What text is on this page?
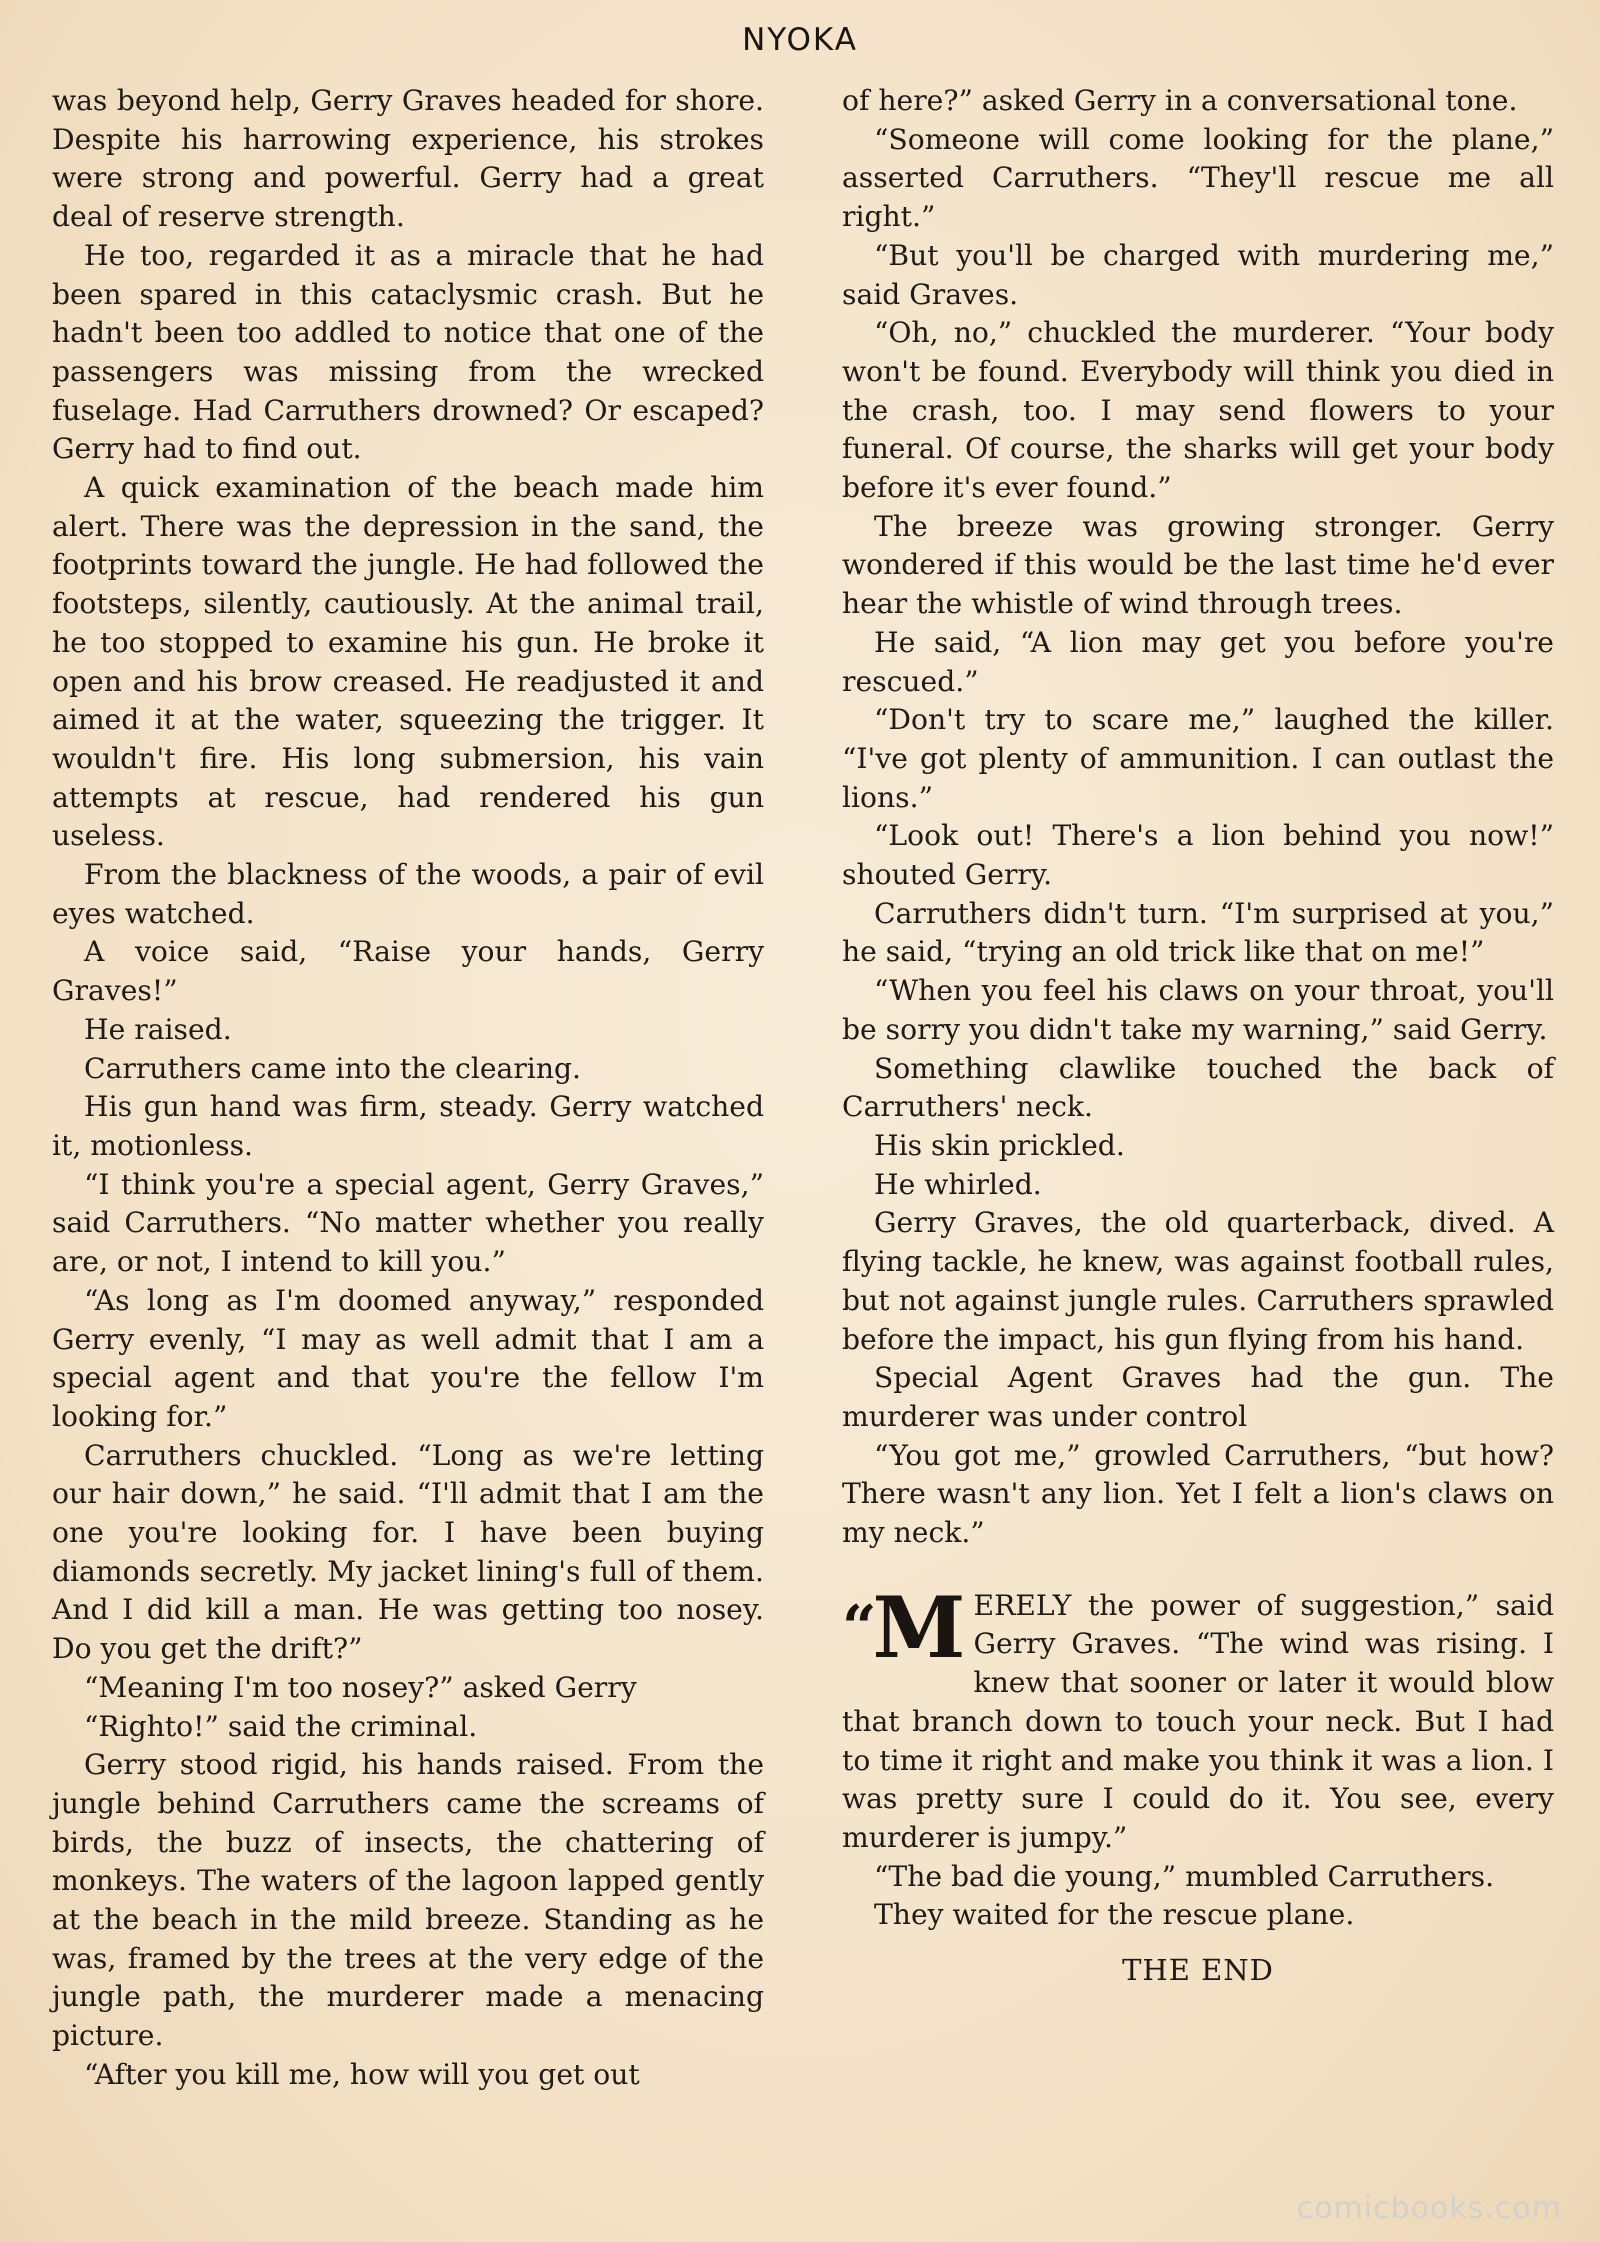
NYOKA

was beyond help, Gerry Graves headed for shore. Despite his harrowing experience, his strokes were strong and powerful. Gerry had a great deal of reserve strength.

He too, regarded it as a miracle that he had been spared in this cataclysmic crash. But he hadn't been too addled to notice that one of the passengers was missing from the wrecked fuselage. Had Carruthers drowned? Or escaped? Gerry had to find out.

A quick examination of the beach made him alert. There was the depression in the sand, the footprints toward the jungle. He had followed the footsteps, silently, cautiously. At the animal trail, he too stopped to examine his gun. He broke it open and his brow creased. He readjusted it and aimed it at the water, squeezing the trigger. It wouldn't fire. His long submersion, his vain attempts at rescue, had rendered his gun useless.

From the blackness of the woods, a pair of evil eyes watched.

A voice said, “Raise your hands, Gerry Graves!”

He raised.

Carruthers came into the clearing.

His gun hand was firm, steady. Gerry watched it, motionless.

“I think you're a special agent, Gerry Graves,” said Carruthers. “No matter whether you really are, or not, I intend to kill you.”

“As long as I'm doomed anyway,” responded Gerry evenly, “I may as well admit that I am a special agent and that you're the fellow I'm looking for.”

Carruthers chuckled. “Long as we're letting our hair down,” he said. “I'll admit that I am the one you're looking for. I have been buying diamonds secretly. My jacket lining's full of them. And I did kill a man. He was getting too nosey. Do you get the drift?”

“Meaning I'm too nosey?” asked Gerry

“Righto!” said the criminal.

Gerry stood rigid, his hands raised. From the jungle behind Carruthers came the screams of birds, the buzz of insects, the chattering of monkeys. The waters of the lagoon lapped gently at the beach in the mild breeze. Standing as he was, framed by the trees at the very edge of the jungle path, the murderer made a menacing picture.

“After you kill me, how will you get out

of here?” asked Gerry in a conversational tone.

“Someone will come looking for the plane,” asserted Carruthers. “They'll rescue me all right.”

“But you'll be charged with murdering me,” said Graves.

“Oh, no,” chuckled the murderer. “Your body won't be found. Everybody will think you died in the crash, too. I may send flowers to your funeral. Of course, the sharks will get your body before it's ever found.”

The breeze was growing stronger. Gerry wondered if this would be the last time he'd ever hear the whistle of wind through trees.

He said, “A lion may get you before you're rescued.”

“Don't try to scare me,” laughed the killer. “I've got plenty of ammunition. I can outlast the lions.”

“Look out! There's a lion behind you now!” shouted Gerry.

Carruthers didn't turn. “I'm surprised at you,” he said, “trying an old trick like that on me!”

“When you feel his claws on your throat, you'll be sorry you didn't take my warning,” said Gerry.

Something clawlike touched the back of Carruthers' neck.

His skin prickled.

He whirled.

Gerry Graves, the old quarterback, dived. A flying tackle, he knew, was against football rules, but not against jungle rules. Carruthers sprawled before the impact, his gun flying from his hand.

Special Agent Graves had the gun. The murderer was under control

“You got me,” growled Carruthers, “but how? There wasn't any lion. Yet I felt a lion's claws on my neck.”

“M ERELY the power of suggestion,” said Gerry Graves. “The wind was rising. I knew that sooner or later it would blow that branch down to touch your neck. But I had to time it right and make you think it was a lion. I was pretty sure I could do it. You see, every murderer is jumpy.”

“The bad die young,” mumbled Carruthers.

They waited for the rescue plane.

THE END
comicbooks.com
